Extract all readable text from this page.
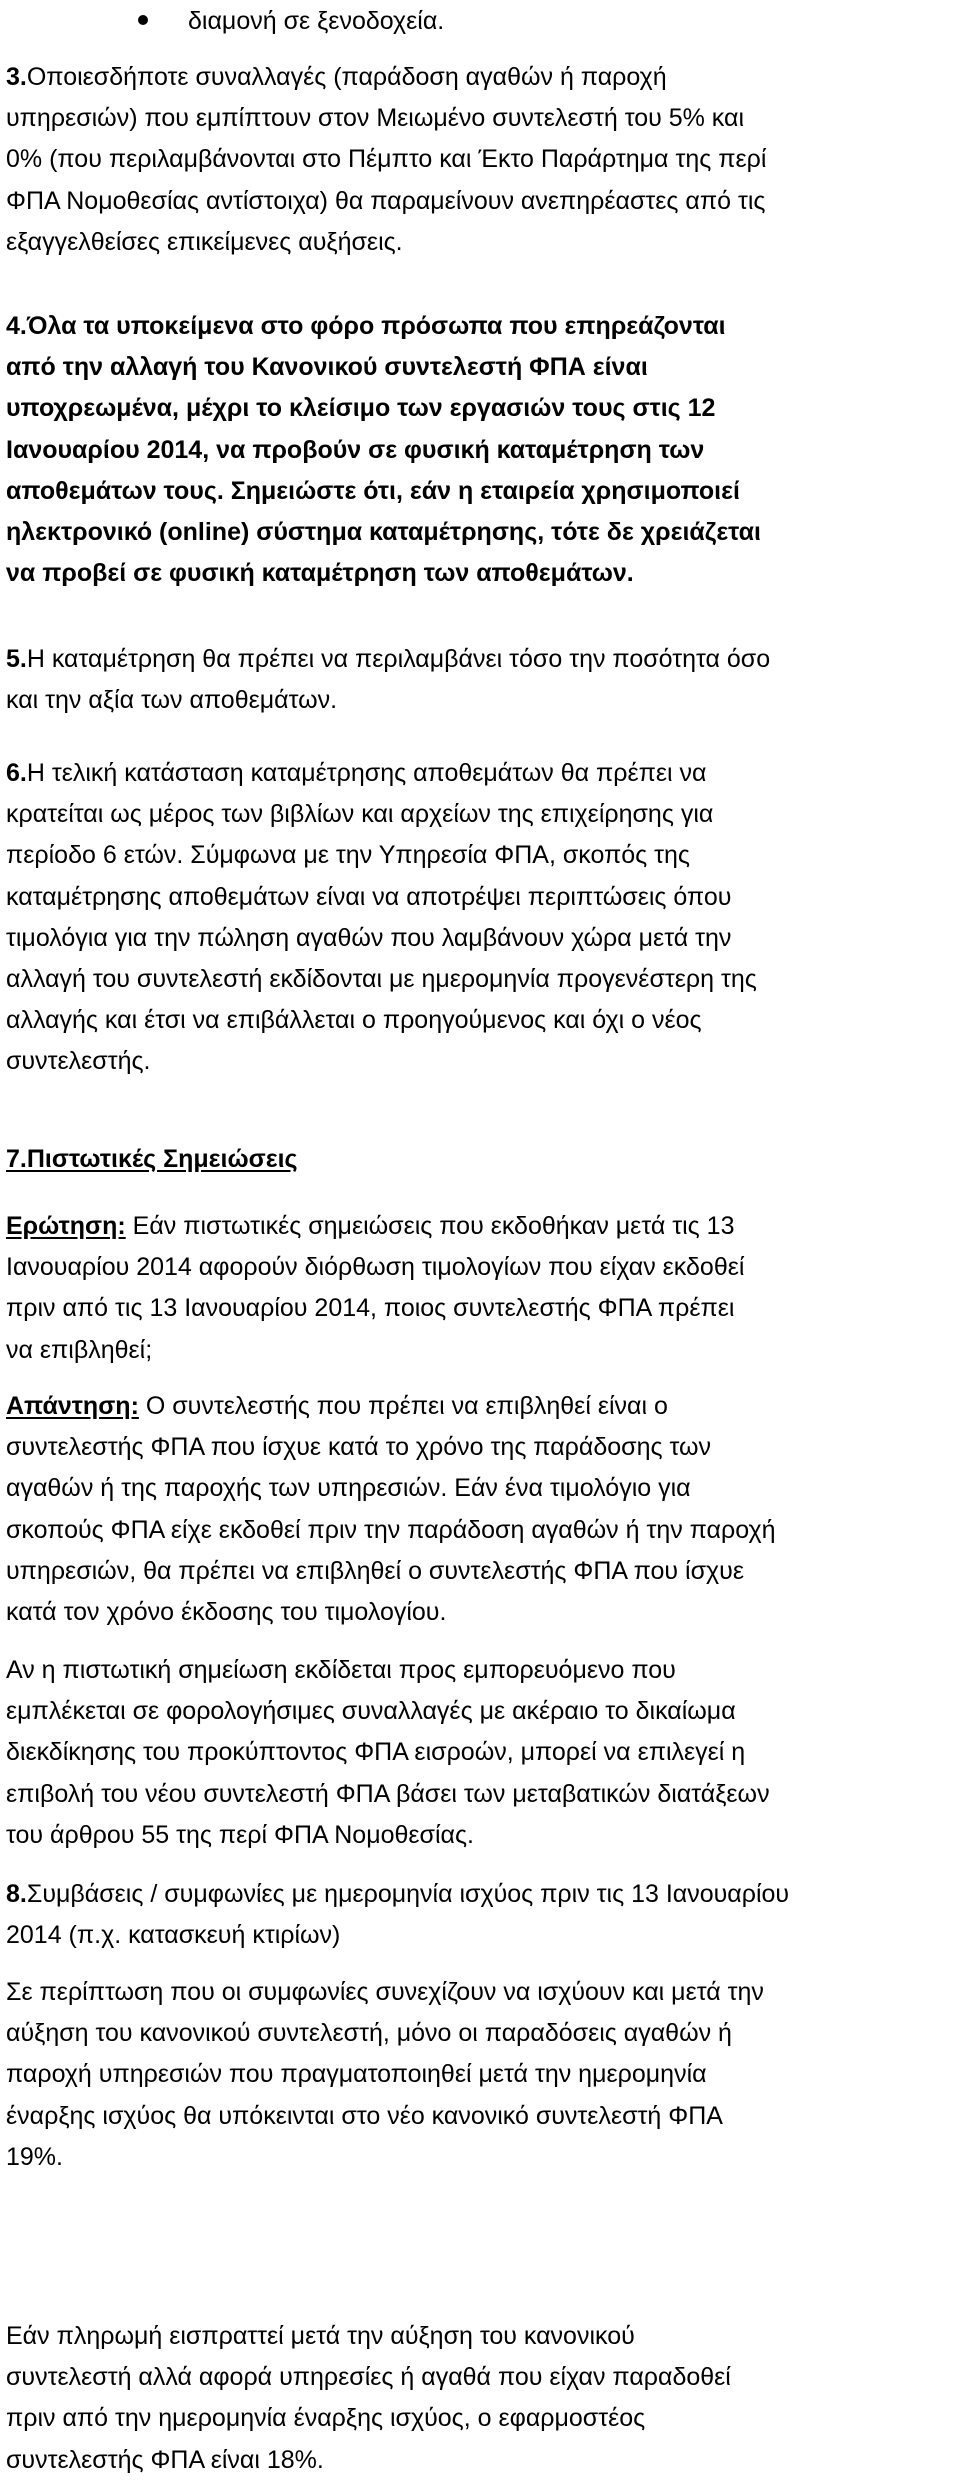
διαμονή σε ξενοδοχεία.
3.Οποιεσδήποτε συναλλαγές (παράδοση αγαθών ή παροχή
υπηρεσιών) που εμπίπτουν στον Μειωμένο συντελεστή του 5% και
0% (που περιλαμβάνονται στο Πέμπτο και Έκτο Παράρτημα της περί
ΦΠΑ Νομοθεσίας αντίστοιχα) θα παραμείνουν ανεπηρέαστες από τις
εξαγγελθείσες επικείμενες αυξήσεις.
4.Όλα τα υποκείμενα στο φόρο πρόσωπα που επηρεάζονται
από την αλλαγή του Κανονικού συντελεστή ΦΠΑ είναι
υποχρεωμένα, μέχρι το κλείσιμο των εργασιών τους στις 12
Ιανουαρίου 2014, να προβούν σε φυσική καταμέτρηση των
αποθεμάτων τους. Σημειώστε ότι, εάν η εταιρεία χρησιμοποιεί
ηλεκτρονικό (online) σύστημα καταμέτρησης, τότε δε χρειάζεται
να προβεί σε φυσική καταμέτρηση των αποθεμάτων.
5.Η καταμέτρηση θα πρέπει να περιλαμβάνει τόσο την ποσότητα όσο
και την αξία των αποθεμάτων.
6.Η τελική κατάσταση καταμέτρησης αποθεμάτων θα πρέπει να
κρατείται ως μέρος των βιβλίων και αρχείων της επιχείρησης για
περίοδο 6 ετών. Σύμφωνα με την Υπηρεσία ΦΠΑ, σκοπός της
καταμέτρησης αποθεμάτων είναι να αποτρέψει περιπτώσεις όπου
τιμολόγια για την πώληση αγαθών που λαμβάνουν χώρα μετά την
αλλαγή του συντελεστή εκδίδονται με ημερομηνία προγενέστερη της
αλλαγής και έτσι να επιβάλλεται ο προηγούμενος και όχι ο νέος
συντελεστής.
7.Πιστωτικές Σημειώσεις
Ερώτηση: Εάν πιστωτικές σημειώσεις που εκδοθήκαν μετά τις 13
Ιανουαρίου 2014 αφορούν διόρθωση τιμολογίων που είχαν εκδοθεί
πριν από τις 13 Ιανουαρίου 2014, ποιος συντελεστής ΦΠΑ πρέπει
να επιβληθεί;
Απάντηση: Ο συντελεστής που πρέπει να επιβληθεί είναι ο
συντελεστής ΦΠΑ που ίσχυε κατά το χρόνο της παράδοσης των
αγαθών ή της παροχής των υπηρεσιών. Εάν ένα τιμολόγιο για
σκοπούς ΦΠΑ είχε εκδοθεί πριν την παράδοση αγαθών ή την παροχή
υπηρεσιών, θα πρέπει να επιβληθεί ο συντελεστής ΦΠΑ που ίσχυε
κατά τον χρόνο έκδοσης του τιμολογίου.
Αν η πιστωτική σημείωση εκδίδεται προς εμπορευόμενο που
εμπλέκεται σε φορολογήσιμες συναλλαγές με ακέραιο το δικαίωμα
διεκδίκησης του προκύπτοντος ΦΠΑ εισροών, μπορεί να επιλεγεί η
επιβολή του νέου συντελεστή ΦΠΑ βάσει των μεταβατικών διατάξεων
του άρθρου 55 της περί ΦΠΑ Νομοθεσίας.
8.Συμβάσεις / συμφωνίες με ημερομηνία ισχύος πριν τις 13 Ιανουαρίου
2014 (π.χ. κατασκευή κτιρίων)
Σε περίπτωση που οι συμφωνίες συνεχίζουν να ισχύουν και μετά την
αύξηση του κανονικού συντελεστή, μόνο οι παραδόσεις αγαθών ή
παροχή υπηρεσιών που πραγματοποιηθεί μετά την ημερομηνία
έναρξης ισχύος θα υπόκεινται στο νέο κανονικό συντελεστή ΦΠΑ
19%.
Εάν πληρωμή εισπραττεί μετά την αύξηση του κανονικού
συντελεστή αλλά αφορά υπηρεσίες ή αγαθά που είχαν παραδοθεί
πριν από την ημερομηνία έναρξης ισχύος, ο εφαρμοστέος
συντελεστής ΦΠΑ είναι 18%.
